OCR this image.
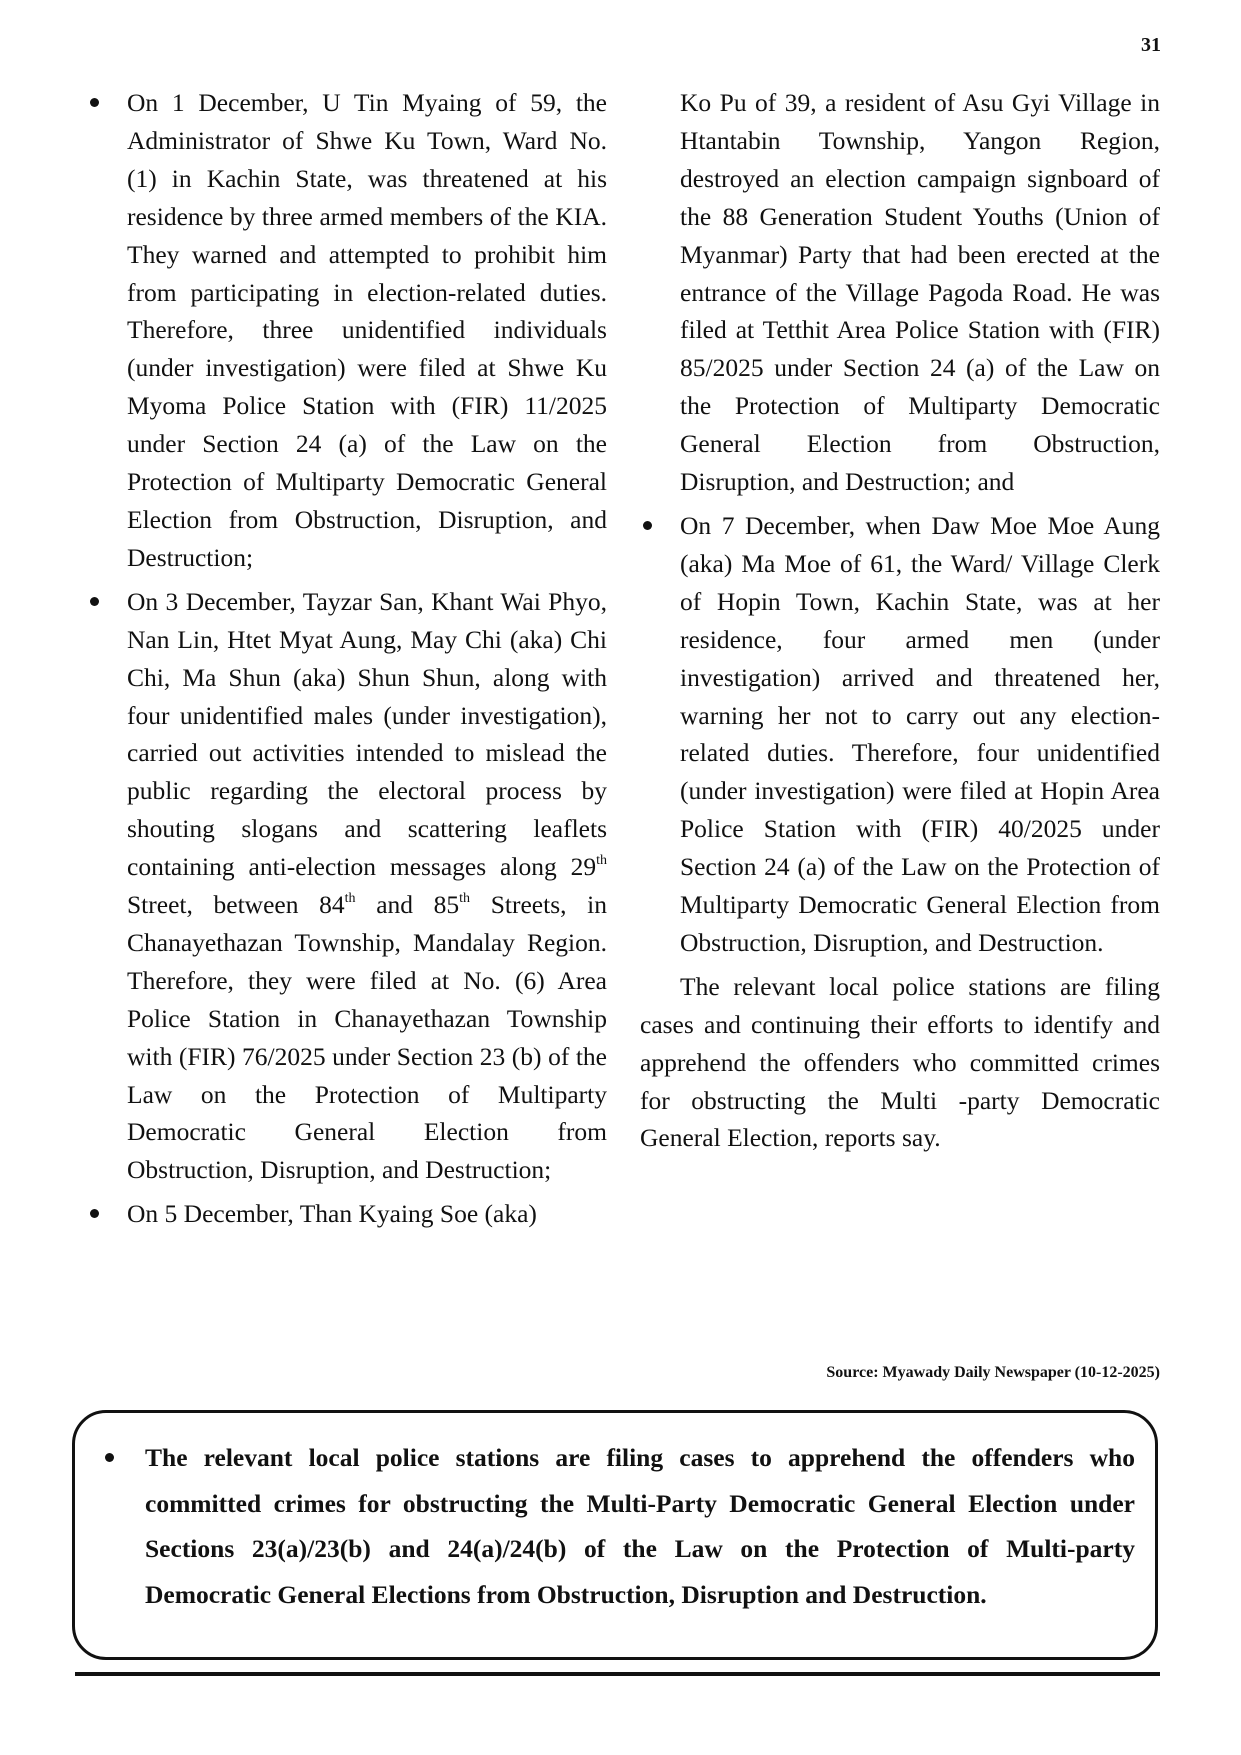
31
On 1 December, U Tin Myaing of 59, the Administrator of Shwe Ku Town, Ward No. (1) in Kachin State, was threatened at his residence by three armed members of the KIA. They warned and attempted to prohibit him from participating in election-related duties. Therefore, three unidentified individuals (under investigation) were filed at Shwe Ku Myoma Police Station with (FIR) 11/2025 under Section 24 (a) of the Law on the Protection of Multiparty Democratic General Election from Obstruction, Disruption, and Destruction;
On 3 December, Tayzar San, Khant Wai Phyo, Nan Lin, Htet Myat Aung, May Chi (aka) Chi Chi, Ma Shun (aka) Shun Shun, along with four unidentified males (under investigation), carried out activities intended to mislead the public regarding the electoral process by shouting slogans and scattering leaflets containing anti-election messages along 29th Street, between 84th and 85th Streets, in Chanayethazan Township, Mandalay Region. Therefore, they were filed at No. (6) Area Police Station in Chanayethazan Township with (FIR) 76/2025 under Section 23 (b) of the Law on the Protection of Multiparty Democratic General Election from Obstruction, Disruption, and Destruction;
On 5 December, Than Kyaing Soe (aka)
Ko Pu of 39, a resident of Asu Gyi Village in Htantabin Township, Yangon Region, destroyed an election campaign signboard of the 88 Generation Student Youths (Union of Myanmar) Party that had been erected at the entrance of the Village Pagoda Road. He was filed at Tetthit Area Police Station with (FIR) 85/2025 under Section 24 (a) of the Law on the Protection of Multiparty Democratic General Election from Obstruction, Disruption, and Destruction; and
On 7 December, when Daw Moe Moe Aung (aka) Ma Moe of 61, the Ward/ Village Clerk of Hopin Town, Kachin State, was at her residence, four armed men (under investigation) arrived and threatened her, warning her not to carry out any election-related duties. Therefore, four unidentified (under investigation) were filed at Hopin Area Police Station with (FIR) 40/2025 under Section 24 (a) of the Law on the Protection of Multiparty Democratic General Election from Obstruction, Disruption, and Destruction.

The relevant local police stations are filing cases and continuing their efforts to identify and apprehend the offenders who committed crimes for obstructing the Multi -party Democratic General Election, reports say.

Source: Myawady Daily Newspaper (10-12-2025)
The relevant local police stations are filing cases to apprehend the offenders who committed crimes for obstructing the Multi-Party Democratic General Election under Sections 23(a)/23(b) and 24(a)/24(b) of the Law on the Protection of Multi-party Democratic General Elections from Obstruction, Disruption and Destruction.
